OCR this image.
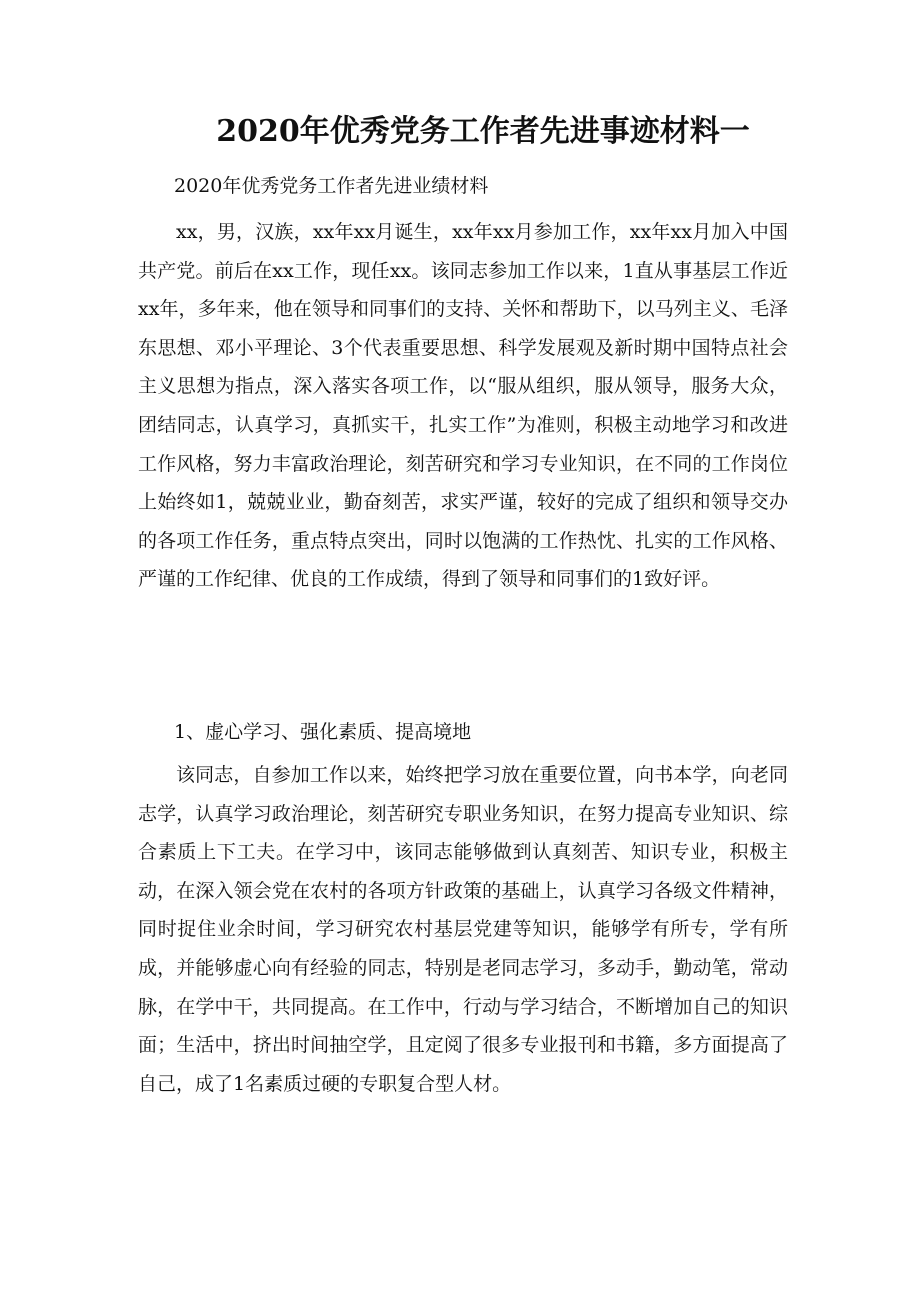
2020年优秀党务工作者先进事迹材料一
2020年优秀党务工作者先进业绩材料

xx，男，汉族，xx年xx月诞生，xx年xx月参加工作，xx年xx月加入中国共产党。前后在xx工作，现任xx。该同志参加工作以来，1直从事基层工作近xx年，多年来，他在领导和同事们的支持、关怀和帮助下，以马列主义、毛泽东思想、邓小平理论、3个代表重要思想、科学发展观及新时期中国特点社会主义思想为指点，深入落实各项工作，以“服从组织，服从领导，服务大众，团结同志，认真学习，真抓实干，扎实工作”为准则，积极主动地学习和改进工作风格，努力丰富政治理论，刻苦研究和学习专业知识，在不同的工作岗位上始终如1，兢兢业业，勤奋刻苦，求实严谨，较好的完成了组织和领导交办的各项工作任务，重点特点突出，同时以饱满的工作热忱、扎实的工作风格、严谨的工作纪律、优良的工作成绩，得到了领导和同事们的1致好评。

1、虚心学习、强化素质、提高境地

该同志，自参加工作以来，始终把学习放在重要位置，向书本学，向老同志学，认真学习政治理论，刻苦研究专职业务知识，在努力提高专业知识、综合素质上下工夫。在学习中，该同志能够做到认真刻苦、知识专业，积极主动，在深入领会党在农村的各项方针政策的基础上，认真学习各级文件精神，同时捉住业余时间，学习研究农村基层党建等知识，能够学有所专，学有所成，并能够虚心向有经验的同志，特别是老同志学习，多动手，勤动笔，常动脉，在学中干，共同提高。在工作中，行动与学习结合，不断增加自己的知识面；生活中，挤出时间抽空学，且定阅了很多专业报刊和书籍，多方面提高了自己，成了1名素质过硬的专职复合型人材。
